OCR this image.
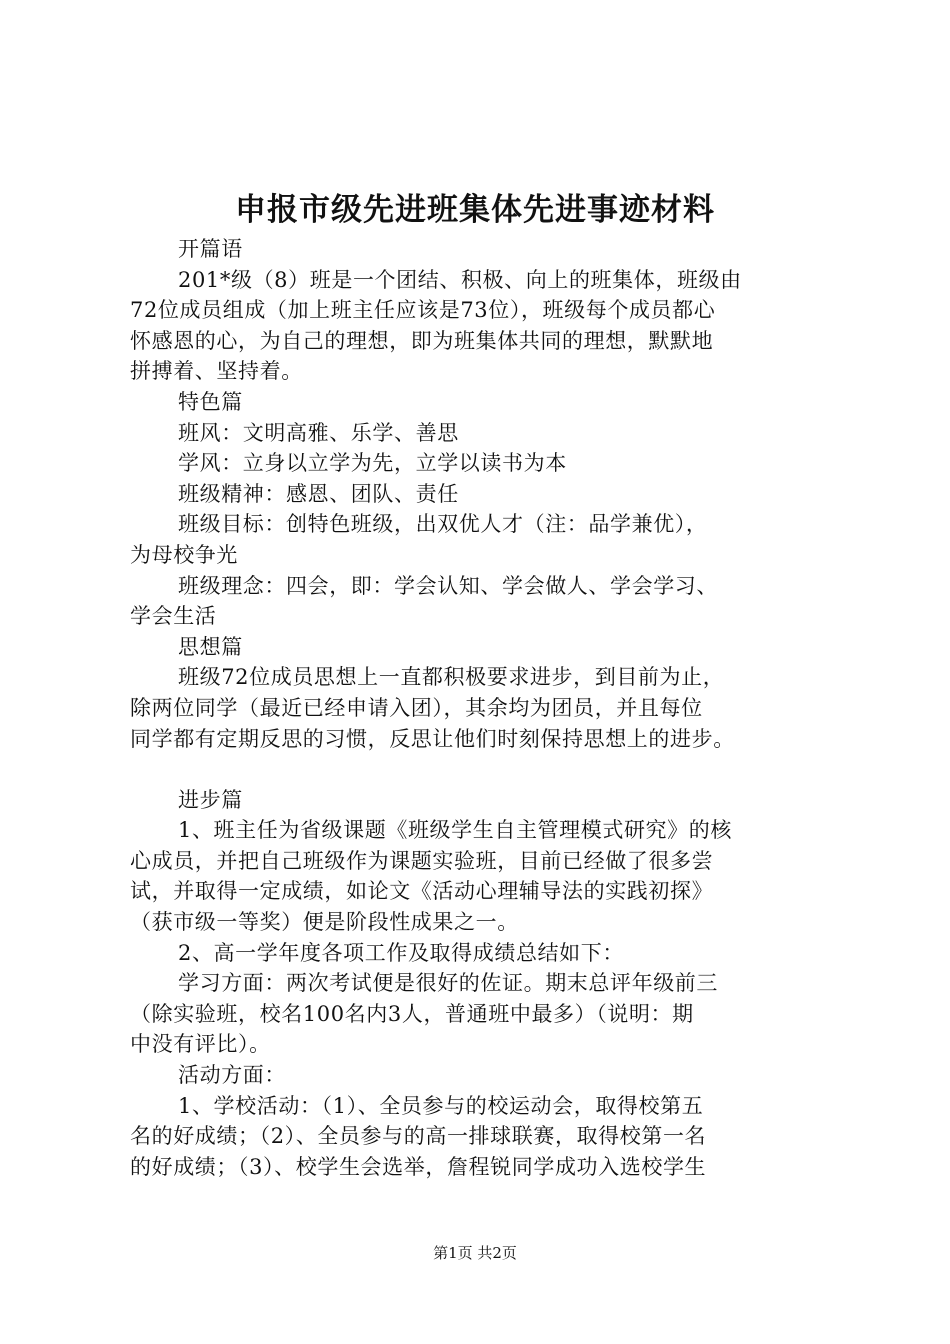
申报市级先进班集体先进事迹材料
开篇语
201*级（8）班是一个团结、积极、向上的班集体，班级由
72位成员组成（加上班主任应该是73位），班级每个成员都心
怀感恩的心，为自己的理想，即为班集体共同的理想，默默地
拼搏着、坚持着。
特色篇
班风：文明高雅、乐学、善思
学风：立身以立学为先，立学以读书为本
班级精神：感恩、团队、责任
班级目标：创特色班级，出双优人才（注：品学兼优），
为母校争光
班级理念：四会，即：学会认知、学会做人、学会学习、
学会生活
思想篇
班级72位成员思想上一直都积极要求进步，到目前为止，
除两位同学（最近已经申请入团），其余均为团员，并且每位
同学都有定期反思的习惯，反思让他们时刻保持思想上的进步。
进步篇
1、班主任为省级课题《班级学生自主管理模式研究》的核
心成员，并把自己班级作为课题实验班，目前已经做了很多尝
试，并取得一定成绩，如论文《活动心理辅导法的实践初探》
（获市级一等奖）便是阶段性成果之一。
2、高一学年度各项工作及取得成绩总结如下：
学习方面：两次考试便是很好的佐证。期末总评年级前三
（除实验班，校名100名内3人，普通班中最多）（说明：期
中没有评比）。
活动方面：
1、学校活动：（1）、全员参与的校运动会，取得校第五
名的好成绩；（2）、全员参与的高一排球联赛，取得校第一名
的好成绩；（3）、校学生会选举，詹程锐同学成功入选校学生
第1页 共2页
